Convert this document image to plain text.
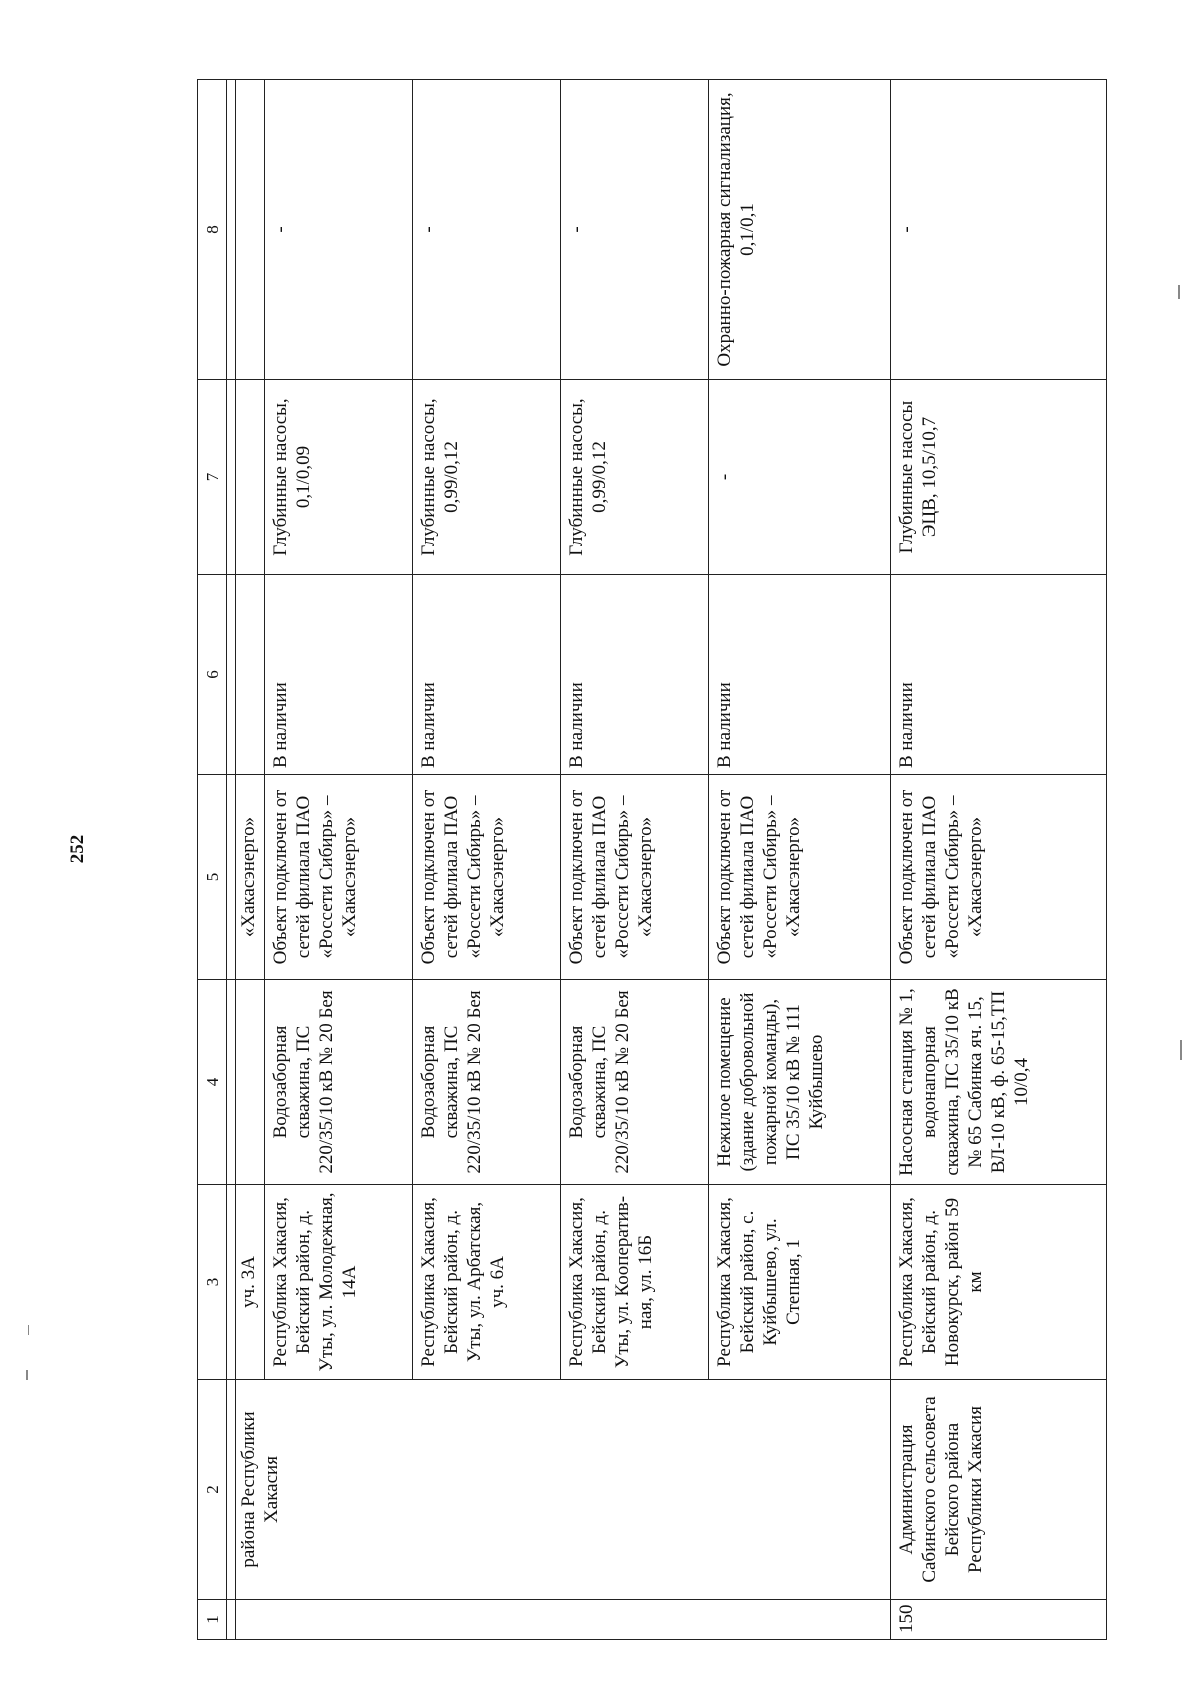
252
1	2	3	4	5	6	7	8

	района Республики Хакасия	уч. 3А		«Хакасэнерго»			
		Республика Хакасия, Бейский район, д. Уты, ул. Молодежная, 14А	Водозаборная скважина, ПС 220/35/10 кВ № 20 Бея	Объект подключен от сетей филиала ПАО «Россети Сибирь» – «Хакасэнерго»	В наличии	Глубинные насосы, 0,1/0,09	-
		Республика Хакасия, Бейский район, д. Уты, ул. Арбатская, уч. 6А	Водозаборная скважина, ПС 220/35/10 кВ № 20 Бея	Объект подключен от сетей филиала ПАО «Россети Сибирь» – «Хакасэнерго»	В наличии	Глубинные насосы, 0,99/0,12	-
		Республика Хакасия, Бейский район, д. Уты, ул. Кооператив-ная, ул. 16Б	Водозаборная скважина, ПС 220/35/10 кВ № 20 Бея	Объект подключен от сетей филиала ПАО «Россети Сибирь» – «Хакасэнерго»	В наличии	Глубинные насосы, 0,99/0,12	-
		Республика Хакасия, Бейский район, с. Куйбышево, ул. Степная, 1	Нежилое помещение (здание добровольной пожарной команды), ПС 35/10 кВ № 111 Куйбышево	Объект подключен от сетей филиала ПАО «Россети Сибирь» – «Хакасэнерго»	В наличии	-	Охранно-пожарная сигнализация, 0,1/0,1
150	Администрация Сабинского сельсовета Бейского района Республики Хакасия	Республика Хакасия, Бейский район, д. Новокурск, район 59 км	Насосная станция № 1, водонапорная скважина, ПС 35/10 кВ № 65 Сабинка яч. 15, ВЛ-10 кВ, ф. 65-15,ТП 10/0,4	Объект подключен от сетей филиала ПАО «Россети Сибирь» – «Хакасэнерго»	В наличии	Глубинные насосы ЭЦВ, 10,5/10,7	-
